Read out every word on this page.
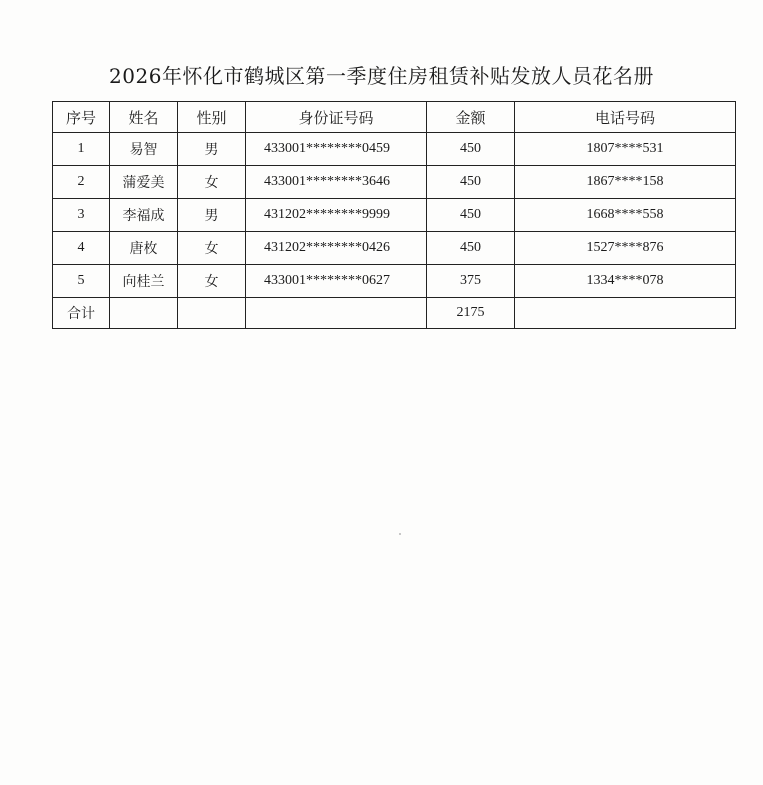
2026年怀化市鹤城区第一季度住房租赁补贴发放人员花名册
序号	姓名	性别	身份证号码	金额	电话号码
1	易智	男	433001********0459	450	1807****531
2	蒲爱美	女	433001********3646	450	1867****158
3	李福成	男	431202********9999	450	1668****558
4	唐枚	女	431202********0426	450	1527****876
5	向桂兰	女	433001********0627	375	1334****078
合计				2175	
